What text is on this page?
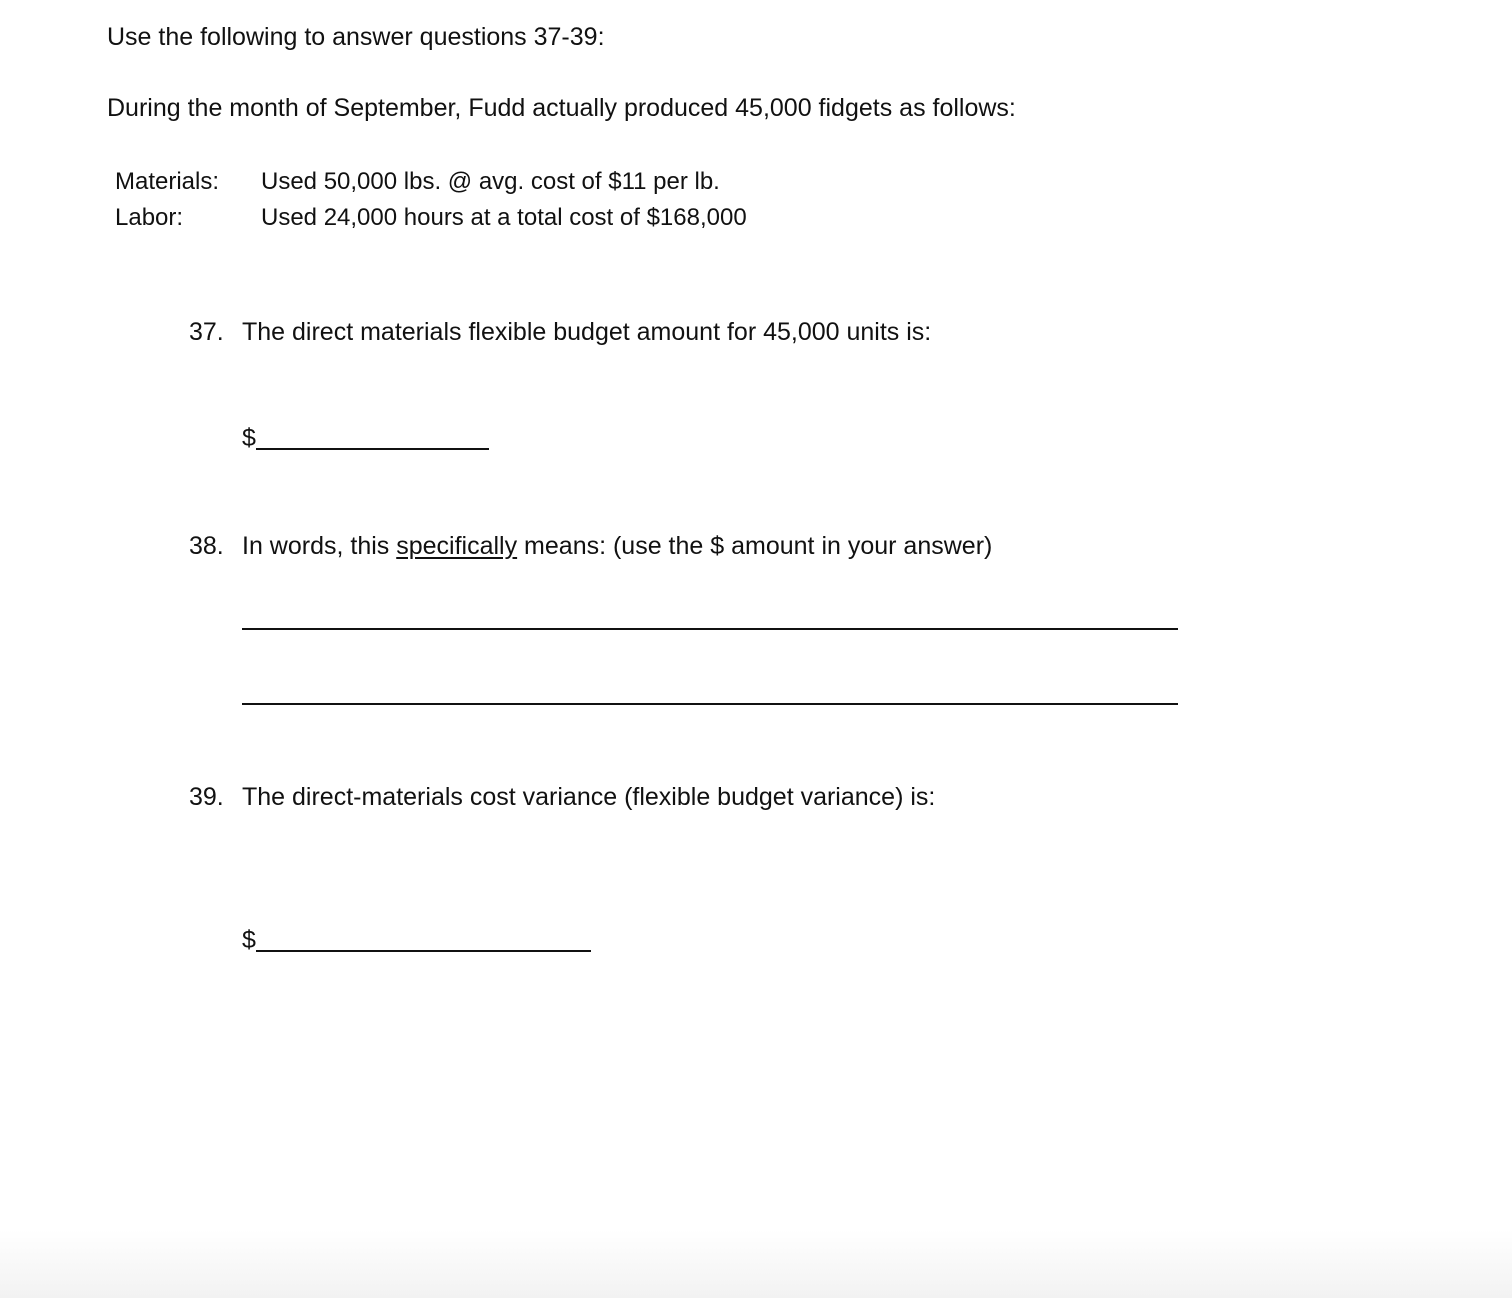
Use the following to answer questions 37-39:
During the month of September, Fudd actually produced 45,000 fidgets as follows:
Materials: Used 50,000 lbs. @ avg. cost of $11 per lb.
Labor:	Used 24,000 hours at a total cost of $168,000
37. The direct materials flexible budget amount for 45,000 units is:
$
38. In words, this specifically means: (use the $ amount in your answer)
39. The direct-materials cost variance (flexible budget variance) is:
$
